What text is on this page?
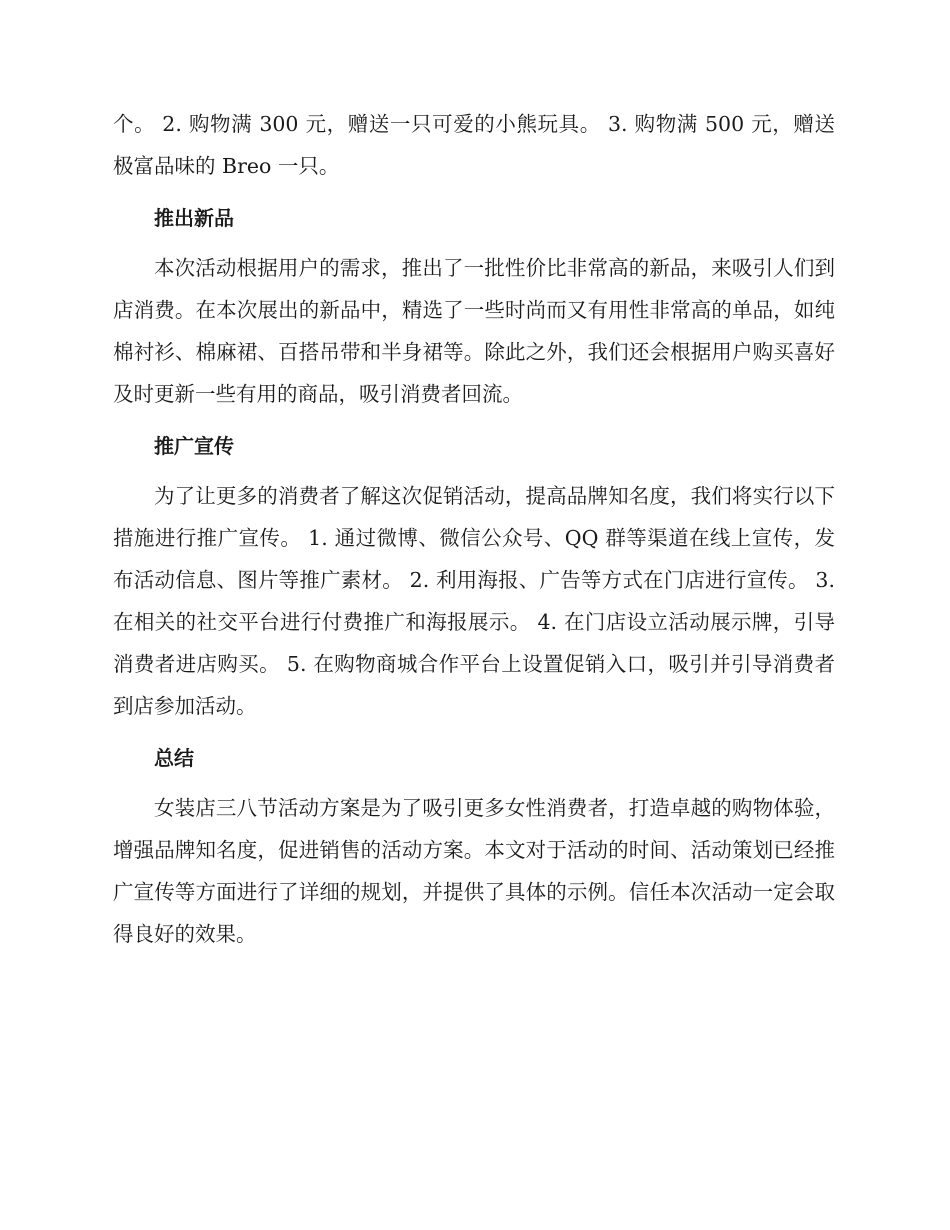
个。 2. 购物满 300 元，赠送一只可爱的小熊玩具。 3. 购物满 500 元，赠送极富品味的 Breo 一只。

推出新品

本次活动根据用户的需求，推出了一批性价比非常高的新品，来吸引人们到店消费。在本次展出的新品中，精选了一些时尚而又有用性非常高的单品，如纯棉衬衫、棉麻裙、百搭吊带和半身裙等。除此之外，我们还会根据用户购买喜好及时更新一些有用的商品，吸引消费者回流。

推广宣传

为了让更多的消费者了解这次促销活动，提高品牌知名度，我们将实行以下措施进行推广宣传。 1. 通过微博、微信公众号、QQ 群等渠道在线上宣传，发布活动信息、图片等推广素材。 2. 利用海报、广告等方式在门店进行宣传。 3. 在相关的社交平台进行付费推广和海报展示。 4. 在门店设立活动展示牌，引导消费者进店购买。 5. 在购物商城合作平台上设置促销入口，吸引并引导消费者到店参加活动。

总结

女装店三八节活动方案是为了吸引更多女性消费者，打造卓越的购物体验，增强品牌知名度，促进销售的活动方案。本文对于活动的时间、活动策划已经推广宣传等方面进行了详细的规划，并提供了具体的示例。信任本次活动一定会取得良好的效果。
